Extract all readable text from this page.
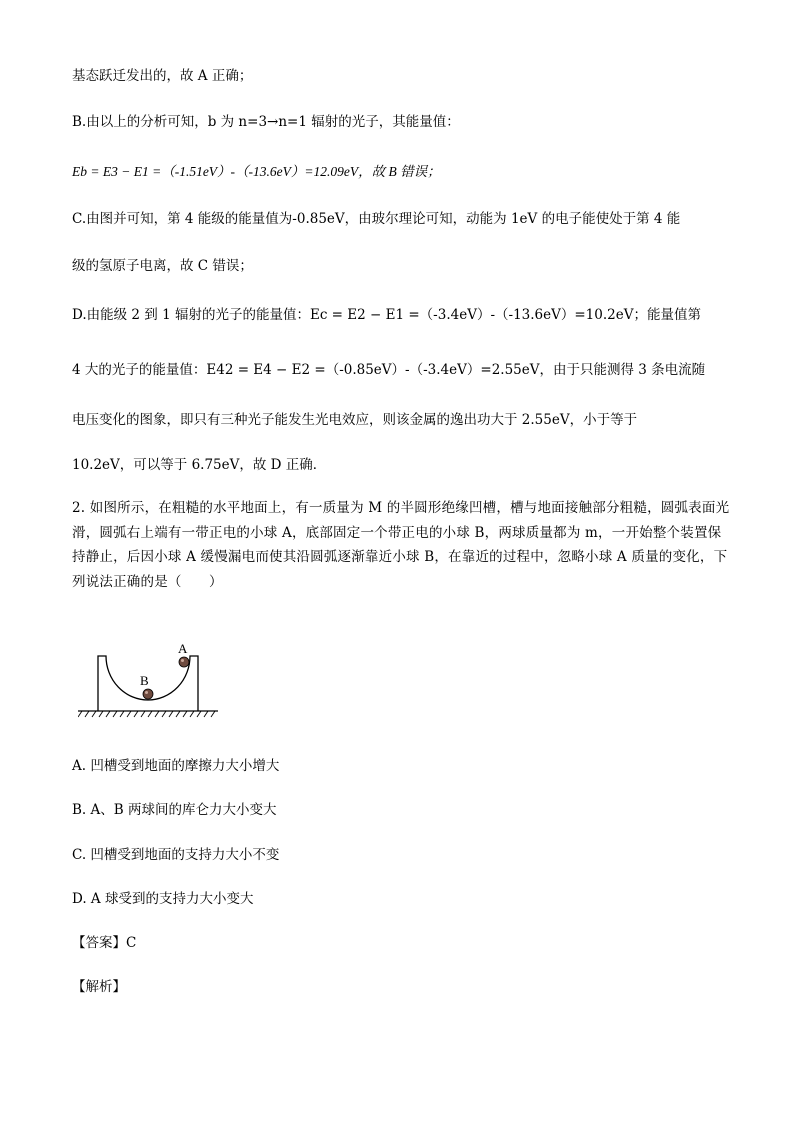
基态跃迁发出的，故 A 正确；
B.由以上的分析可知，b 为 n=3→n=1 辐射的光子，其能量值：
Eb = E3 − E1 =（-1.51eV）-（-13.6eV）=12.09eV，故 B 错误；
C.由图并可知，第 4 能级的能量值为-0.85eV，由玻尔理论可知，动能为 1eV 的电子能使处于第 4 能
级的氢原子电离，故 C 错误；
D.由能级 2 到 1 辐射的光子的能量值：Ec = E2 − E1 =（-3.4eV）-（-13.6eV）=10.2eV；能量值第
4 大的光子的能量值：E42 = E4 − E2 =（-0.85eV）-（-3.4eV）=2.55eV，由于只能测得 3 条电流随
电压变化的图象，即只有三种光子能发生光电效应，则该金属的逸出功大于 2.55eV，小于等于
10.2eV，可以等于 6.75eV，故 D 正确．
2. 如图所示，在粗糙的水平地面上，有一质量为 M 的半圆形绝缘凹槽，槽与地面接触部分粗糙，圆弧表面光滑，圆弧右上端有一带正电的小球 A，底部固定一个带正电的小球 B，两球质量都为 m，一开始整个装置保持静止，后因小球 A 缓慢漏电而使其沿圆弧逐渐靠近小球 B，在靠近的过程中，忽略小球 A 质量的变化，下列说法正确的是（　　）
B
A
A. 凹槽受到地面的摩擦力大小增大
B. A、B 两球间的库仑力大小变大
C. 凹槽受到地面的支持力大小不变
D. A 球受到的支持力大小变大
【答案】C
【解析】
